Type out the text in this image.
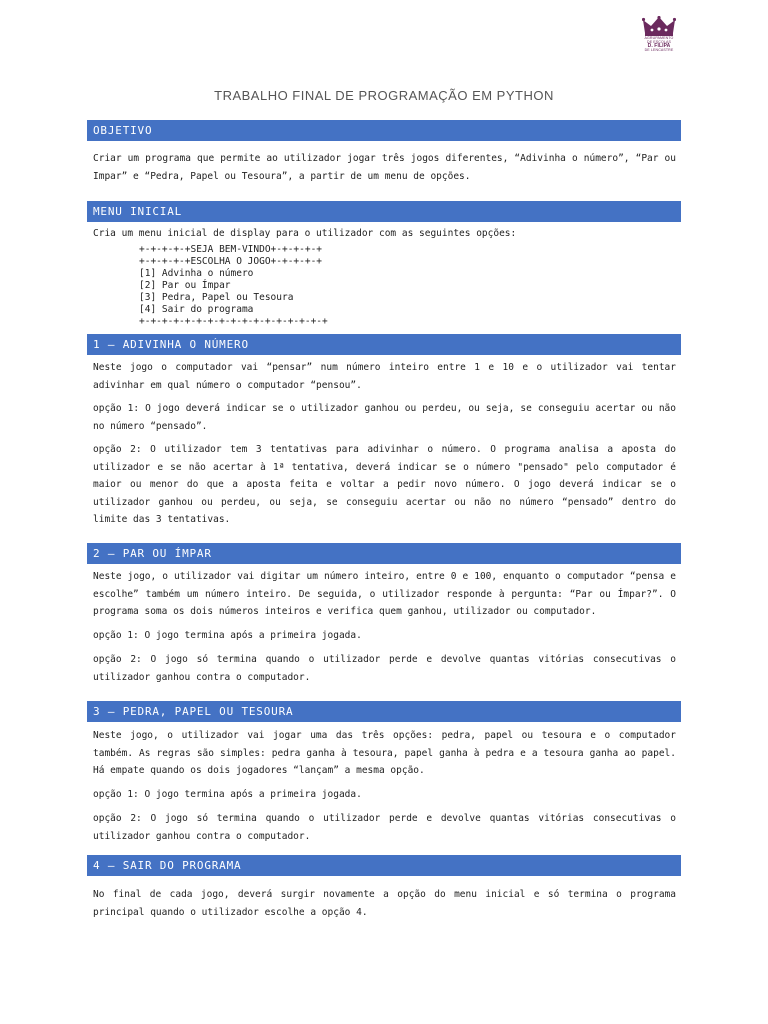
AGRUPAMENTO
DE ESCOLAS
D. FILIPA
DE LENCASTRE
TRABALHO FINAL DE PROGRAMAÇÃO EM PYTHON
OBJETIVO
Criar um programa que permite ao utilizador jogar três jogos diferentes, “Adivinha o número”, “Par ou Impar” e “Pedra, Papel ou Tesoura”, a partir de um menu de opções.
MENU INICIAL
Cria um menu inicial de display para o utilizador com as seguintes opções:
+-+-+-+-+SEJA BEM-VINDO+-+-+-+-+
+-+-+-+-+ESCOLHA O JOGO+-+-+-+-+
[1] Advinha o número
[2] Par ou Ímpar
[3] Pedra, Papel ou Tesoura
[4] Sair do programa
+-+-+-+-+-+-+-+-+-+-+-+-+-+-+-+-+
1 – ADIVINHA O NÚMERO
Neste jogo o computador vai “pensar” num número inteiro entre 1 e 10 e o utilizador vai tentar adivinhar em qual número o computador “pensou”.
opção 1: O jogo deverá indicar se o utilizador ganhou ou perdeu, ou seja, se conseguiu acertar ou não no número “pensado”.
opção 2: O utilizador tem 3 tentativas para adivinhar o número. O programa analisa a aposta do utilizador e se não acertar à 1ª tentativa, deverá indicar se o número "pensado" pelo computador é maior ou menor do que a aposta feita e voltar a pedir novo número. O jogo deverá indicar se o utilizador ganhou ou perdeu, ou seja, se conseguiu acertar ou não no número “pensado” dentro do limite das 3 tentativas.
2 – PAR OU ÍMPAR
Neste jogo, o utilizador vai digitar um número inteiro, entre 0 e 100, enquanto o computador “pensa e escolhe” também um número inteiro. De seguida, o utilizador responde à pergunta: “Par ou Ímpar?”. O programa soma os dois números inteiros e verifica quem ganhou, utilizador ou computador.
opção 1: O jogo termina após a primeira jogada.
opção 2: O jogo só termina quando o utilizador perde e devolve quantas vitórias consecutivas o utilizador ganhou contra o computador.
3 – PEDRA, PAPEL OU TESOURA
Neste jogo, o utilizador vai jogar uma das três opções: pedra, papel ou tesoura e o computador também. As regras são simples: pedra ganha à tesoura, papel ganha à pedra e a tesoura ganha ao papel. Há empate quando os dois jogadores “lançam” a mesma opção.
opção 1: O jogo termina após a primeira jogada.
opção 2: O jogo só termina quando o utilizador perde e devolve quantas vitórias consecutivas o utilizador ganhou contra o computador.
4 – SAIR DO PROGRAMA
No final de cada jogo, deverá surgir novamente a opção do menu inicial e só termina o programa principal quando o utilizador escolhe a opção 4.
